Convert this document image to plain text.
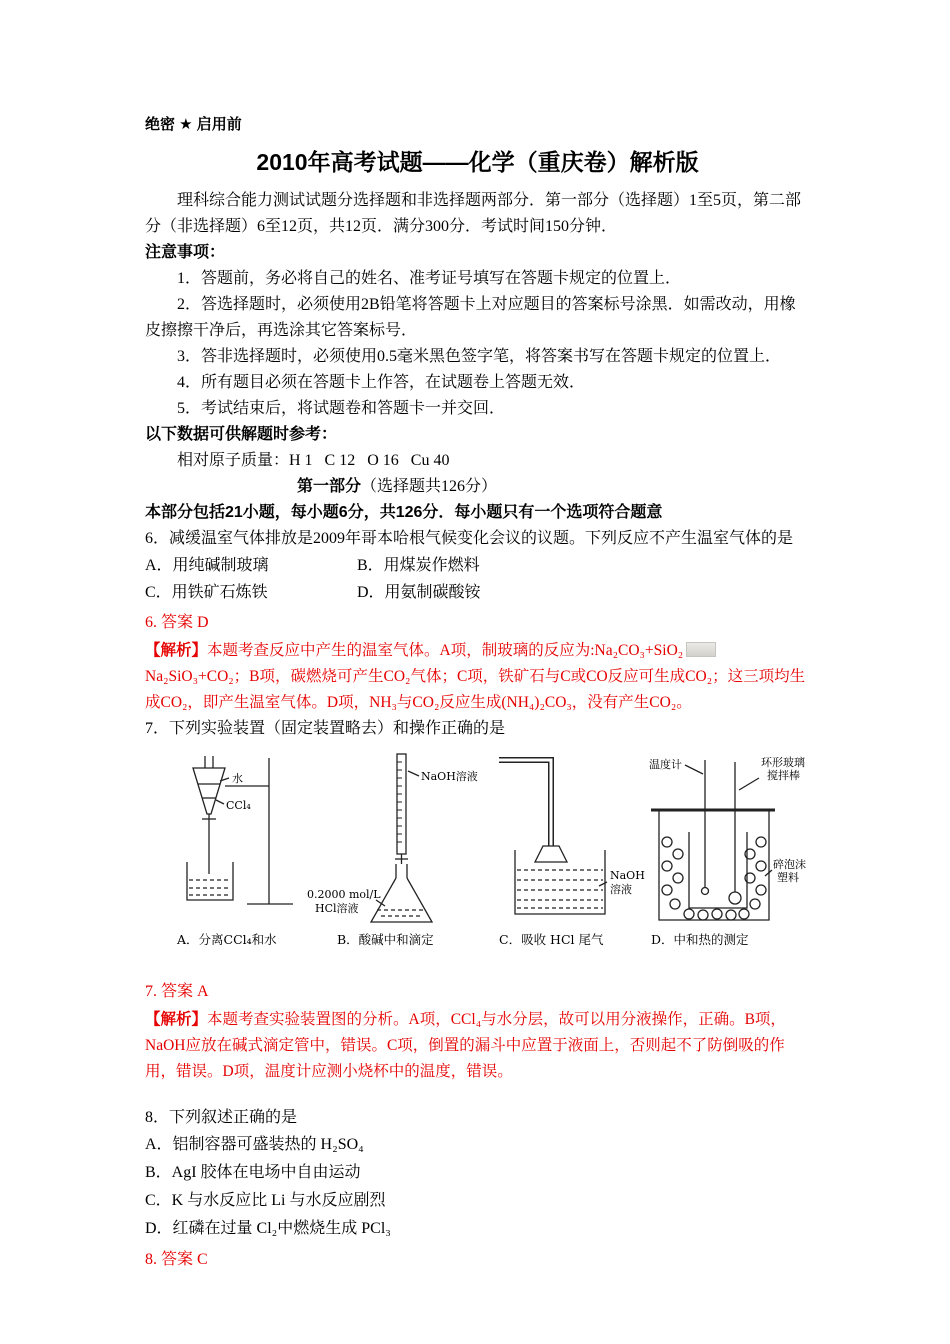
绝密 ★ 启用前
2010年高考试题——化学（重庆卷）解析版

理科综合能力测试试题分选择题和非选择题两部分．第一部分（选择题）1至5页，第二部分（非选择题）6至12页，共12页．满分300分．考试时间150分钟．

注意事项：

1．答题前，务必将自己的姓名、准考证号填写在答题卡规定的位置上．

2．答选择题时，必须使用2B铅笔将答题卡上对应题目的答案标号涂黑．如需改动，用橡皮擦擦干净后，再选涂其它答案标号．

3．答非选择题时，必须使用0.5毫米黑色签字笔，将答案书写在答题卡规定的位置上．

4．所有题目必须在答题卡上作答，在试题卷上答题无效．

5．考试结束后，将试题卷和答题卡一并交回．

以下数据可供解题时参考：

相对原子质量：H 1   C 12   O 16   Cu 40

第一部分（选择题共126分）
本部分包括21小题，每小题6分，共126分．每小题只有一个选项符合题意

6．减缓温室气体排放是2009年哥本哈根气候变化会议的议题。下列反应不产生温室气体的是

A．用纯碱制玻璃	B．用煤炭作燃料
C．用铁矿石炼铁	D．用氨制碳酸铵

6. 答案 D

【解析】本题考查反应中产生的温室气体。A项，制玻璃的反应为:Na₂CO₃+SiO₂Na₂SiO₃+CO₂；B项，碳燃烧可产生CO₂气体；C项，铁矿石与C或CO反应可生成CO₂；这三项均生成CO₂，即产生温室气体。D项，NH₃与CO₂反应生成(NH₄)₂CO₃，没有产生CO₂。

7．下列实验装置（固定装置略去）和操作正确的是

水
CCl₄
A．分离CCl₄和水
NaOH溶液
0.2000 mol/L
HCl溶液
B．酸碱中和滴定
NaOH
溶液
C．吸收 HCl 尾气
温度计	环形玻璃
搅拌棒
碎泡沫
塑料
D．中和热的测定

7. 答案 A

【解析】本题考查实验装置图的分析。A项，CCl₄与水分层，故可以用分液操作，正确。B项，NaOH应放在碱式滴定管中，错误。C项，倒置的漏斗中应置于液面上，否则起不了防倒吸的作用，错误。D项，温度计应测小烧杯中的温度，错误。

8．下列叙述正确的是

A．铝制容器可盛装热的 H₂SO₄

B．AgI 胶体在电场中自由运动

C．K 与水反应比 Li 与水反应剧烈

D．红磷在过量 Cl₂中燃烧生成 PCl₃

8. 答案 C
